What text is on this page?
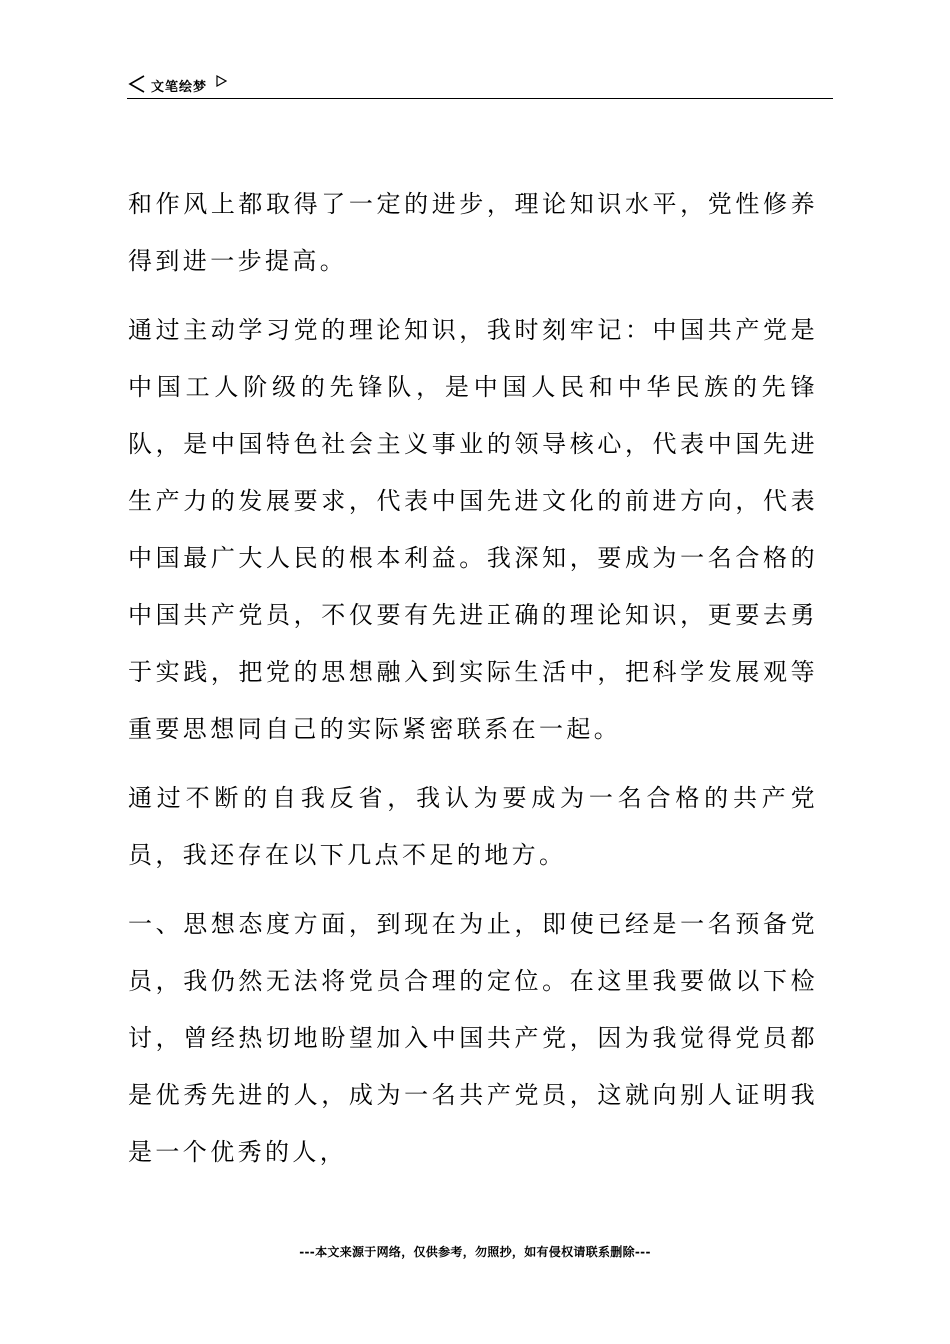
文笔绘梦

和作风上都取得了一定的进步，理论知识水平，党性修养得到进一步提高。

通过主动学习党的理论知识，我时刻牢记：中国共产党是中国工人阶级的先锋队，是中国人民和中华民族的先锋队，是中国特色社会主义事业的领导核心，代表中国先进生产力的发展要求，代表中国先进文化的前进方向，代表中国最广大人民的根本利益。我深知，要成为一名合格的中国共产党员，不仅要有先进正确的理论知识，更要去勇于实践，把党的思想融入到实际生活中，把科学发展观等重要思想同自己的实际紧密联系在一起。

通过不断的自我反省，我认为要成为一名合格的共产党员，我还存在以下几点不足的地方。

一、思想态度方面，到现在为止，即使已经是一名预备党员，我仍然无法将党员合理的定位。在这里我要做以下检讨，曾经热切地盼望加入中国共产党，因为我觉得党员都是优秀先进的人，成为一名共产党员，这就向别人证明我是一个优秀的人，

---本文来源于网络，仅供参考，勿照抄，如有侵权请联系删除---
